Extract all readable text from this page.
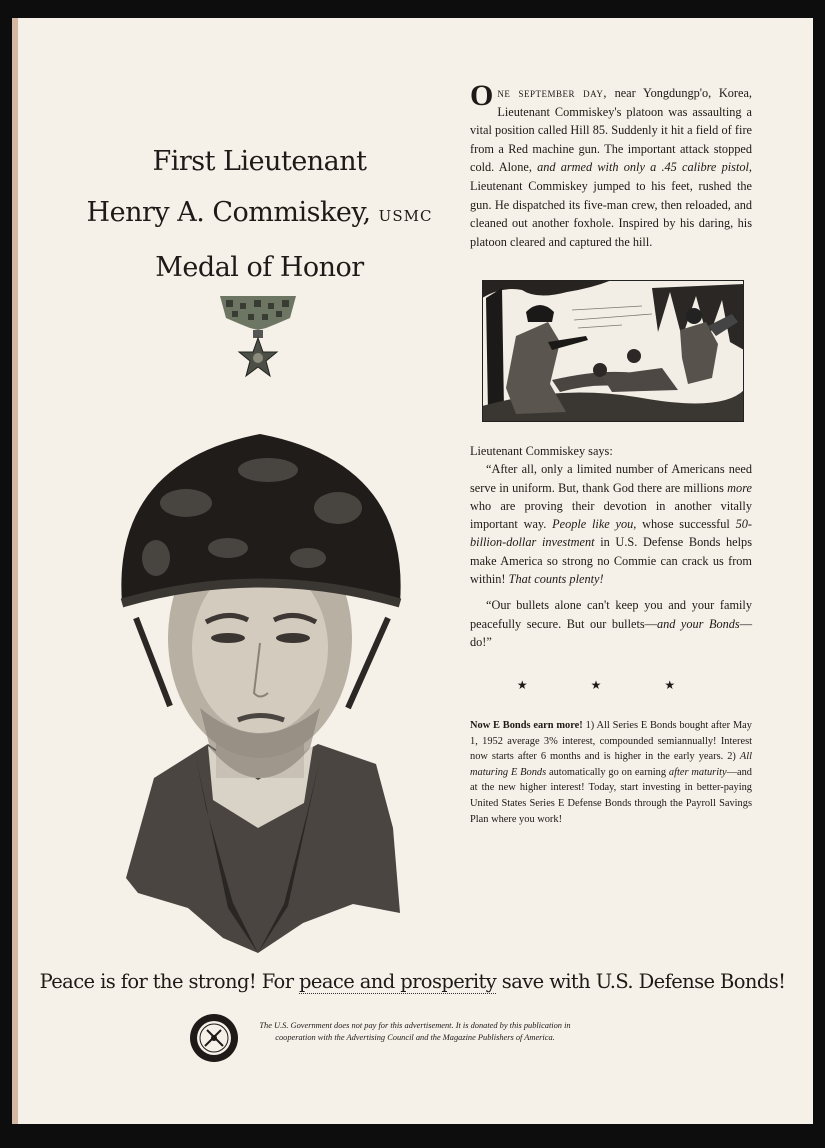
First Lieutenant
Henry A. Commiskey, USMC
Medal of Honor
One september day, near Yongdungp'o, Korea, Lieutenant Commiskey's platoon was assaulting a vital position called Hill 85. Suddenly it hit a field of fire from a Red machine gun. The important attack stopped cold. Alone, and armed with only a .45 calibre pistol, Lieutenant Commiskey jumped to his feet, rushed the gun. He dispatched its five-man crew, then reloaded, and cleaned out another foxhole. Inspired by his daring, his platoon cleared and captured the hill.

Lieutenant Commiskey says:

“After all, only a limited number of Americans need serve in uniform. But, thank God there are millions more who are proving their devotion in another vitally important way. People like you, whose successful 50-billion-dollar investment in U.S. Defense Bonds helps make America so strong no Commie can crack us from within! That counts plenty!

“Our bullets alone can't keep you and your family peacefully secure. But our bullets—and your Bonds—do!”

★ ★ ★
Now E Bonds earn more! 1) All Series E Bonds bought after May 1, 1952 average 3% interest, compounded semiannually! Interest now starts after 6 months and is higher in the early years. 2) All maturing E Bonds automatically go on earning after maturity—and at the new higher interest! Today, start investing in better-paying United States Series E Defense Bonds through the Payroll Savings Plan where you work!
Peace is for the strong! For peace and prosperity save with U.S. Defense Bonds!
The U.S. Government does not pay for this advertisement. It is donated by this publication in cooperation with the Advertising Council and the Magazine Publishers of America.
